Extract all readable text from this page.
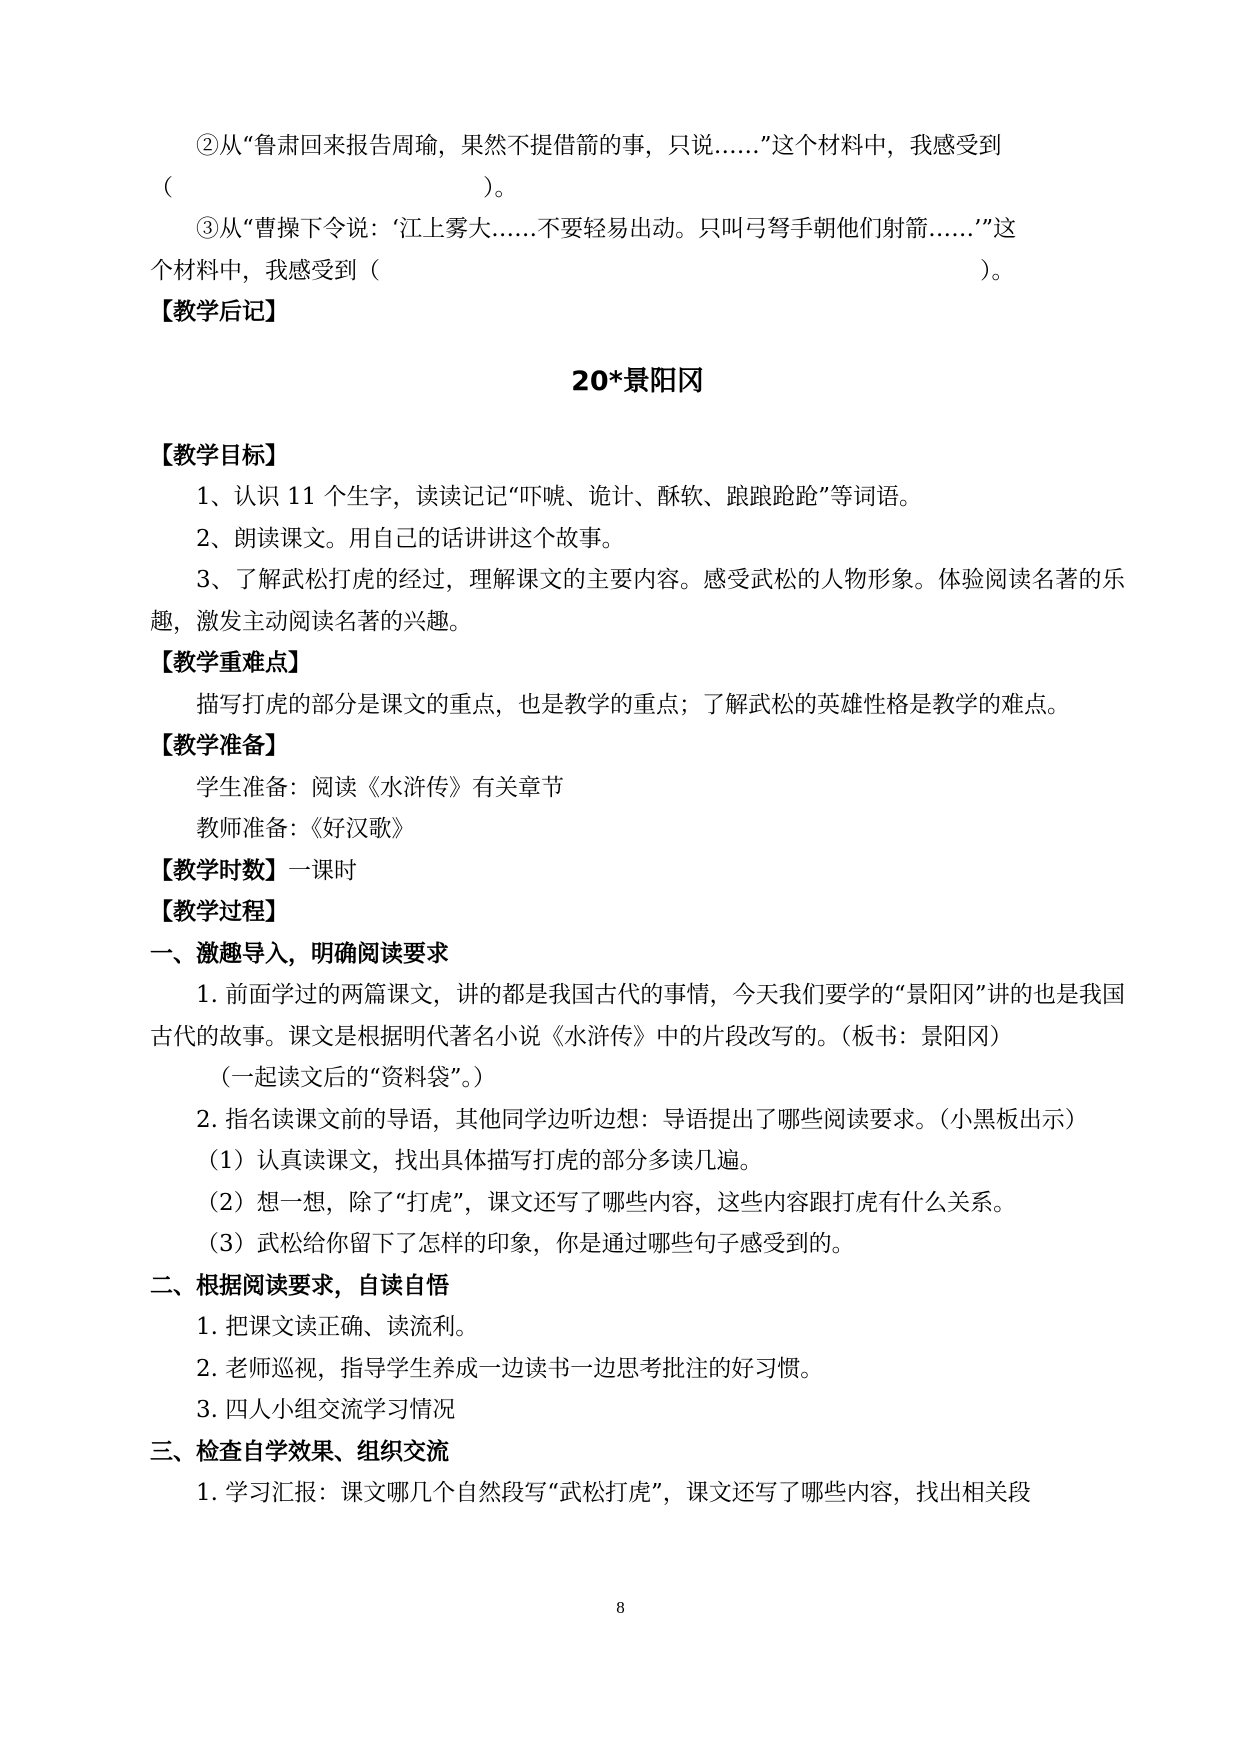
②从“鲁肃回来报告周瑜，果然不提借箭的事，只说……”这个材料中，我感受到

（	）。

③从“曹操下令说：‘江上雾大……不要轻易出动。只叫弓弩手朝他们射箭……’”这

个材料中，我感受到（	）。

【教学后记】

20*景阳冈

【教学目标】

1、认识 11 个生字，读读记记“吓唬、诡计、酥软、踉踉跄跄”等词语。

2、朗读课文。用自己的话讲讲这个故事。

3、了解武松打虎的经过，理解课文的主要内容。感受武松的人物形象。体验阅读名著的乐趣，激发主动阅读名著的兴趣。

【教学重难点】

描写打虎的部分是课文的重点，也是教学的重点；了解武松的英雄性格是教学的难点。

【教学准备】

学生准备：阅读《水浒传》有关章节

教师准备：《好汉歌》

【教学时数】一课时

【教学过程】

一、激趣导入，明确阅读要求

1. 前面学过的两篇课文，讲的都是我国古代的事情，今天我们要学的“景阳冈”讲的也是我国古代的故事。课文是根据明代著名小说《水浒传》中的片段改写的。（板书：景阳冈）

（一起读文后的“资料袋”。）

2. 指名读课文前的导语，其他同学边听边想：导语提出了哪些阅读要求。（小黑板出示）

（1）认真读课文，找出具体描写打虎的部分多读几遍。

（2）想一想，除了“打虎”，课文还写了哪些内容，这些内容跟打虎有什么关系。

（3）武松给你留下了怎样的印象，你是通过哪些句子感受到的。

二、根据阅读要求，自读自悟

1. 把课文读正确、读流利。

2. 老师巡视，指导学生养成一边读书一边思考批注的好习惯。

3. 四人小组交流学习情况

三、检查自学效果、组织交流

1. 学习汇报：课文哪几个自然段写“武松打虎”，课文还写了哪些内容，找出相关段

8
